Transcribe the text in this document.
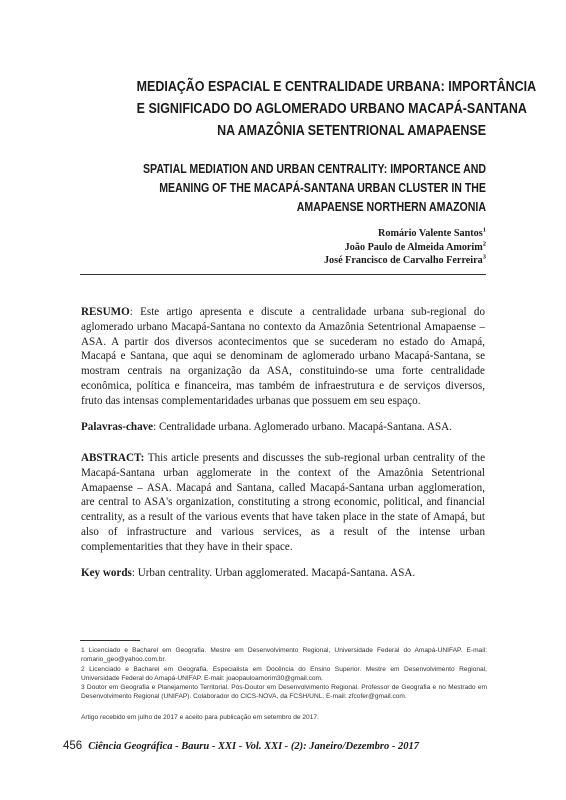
MEDIAÇÃO ESPACIAL E CENTRALIDADE URBANA: IMPORTÂNCIA
E SIGNIFICADO DO AGLOMERADO URBANO MACAPÁ-SANTANA
NA AMAZÔNIA SETENTRIONAL AMAPAENSE
SPATIAL MEDIATION AND URBAN CENTRALITY: IMPORTANCE AND
MEANING OF THE MACAPÁ-SANTANA URBAN CLUSTER IN THE
AMAPAENSE NORTHERN AMAZONIA
Romário Valente Santos$^1$
João Paulo de Almeida Amorim$^2$
José Francisco de Carvalho Ferreira$^3$
RESUMO: Este artigo apresenta e discute a centralidade urbana sub-regional do aglomerado urbano Macapá-Santana no contexto da Amazônia Setentrional Amapaense – ASA. A partir dos diversos acontecimentos que se sucederam no estado do Amapá, Macapá e Santana, que aqui se denominam de aglomerado urbano Macapá-Santana, se mostram centrais na organização da ASA, constituindo-se uma forte centralidade econômica, política e financeira, mas também de infraestrutura e de serviços diversos, fruto das intensas complementaridades urbanas que possuem em seu espaço.
Palavras-chave: Centralidade urbana. Aglomerado urbano. Macapá-Santana. ASA.
ABSTRACT: This article presents and discusses the sub-regional urban centrality of the Macapá-Santana urban agglomerate in the context of the Amazônia Setentrional Amapaense – ASA. Macapá and Santana, called Macapá-Santana urban agglomeration, are central to ASA's organization, constituting a strong economic, political, and financial centrality, as a result of the various events that have taken place in the state of Amapá, but also of infrastructure and various services, as a result of the intense urban complementarities that they have in their space.
Key words: Urban centrality. Urban agglomerated. Macapá-Santana. ASA.

1 Licenciado e Bacharel em Geografia. Mestre em Desenvolvimento Regional, Universidade Federal do Amapá-UNIFAP. E-mail: romario_geo@yahoo.com.br.

2 Licenciado e Bacharel em Geografia. Especialista em Docência do Ensino Superior. Mestre em Desenvolvimento Regional, Universidade Federal do Amapá-UNIFAP. E-mail: joaopauloamorim30@gmail.com.

3 Doutor em Geografia e Planejamento Territorial. Pós-Doutor em Desenvolvimento Regional. Professor de Geografia e no Mestrado em Desenvolvimento Regional (UNIFAP). Colaborador do CICS-NOVA, da FCSH/UNL. E-mail: zfcofer@gmail.com.

Artigo recebido em julho de 2017 e aceito para publicação em setembro de 2017.
456 Ciência Geográfica - Bauru - XXI - Vol. XXI - (2): Janeiro/Dezembro - 2017
